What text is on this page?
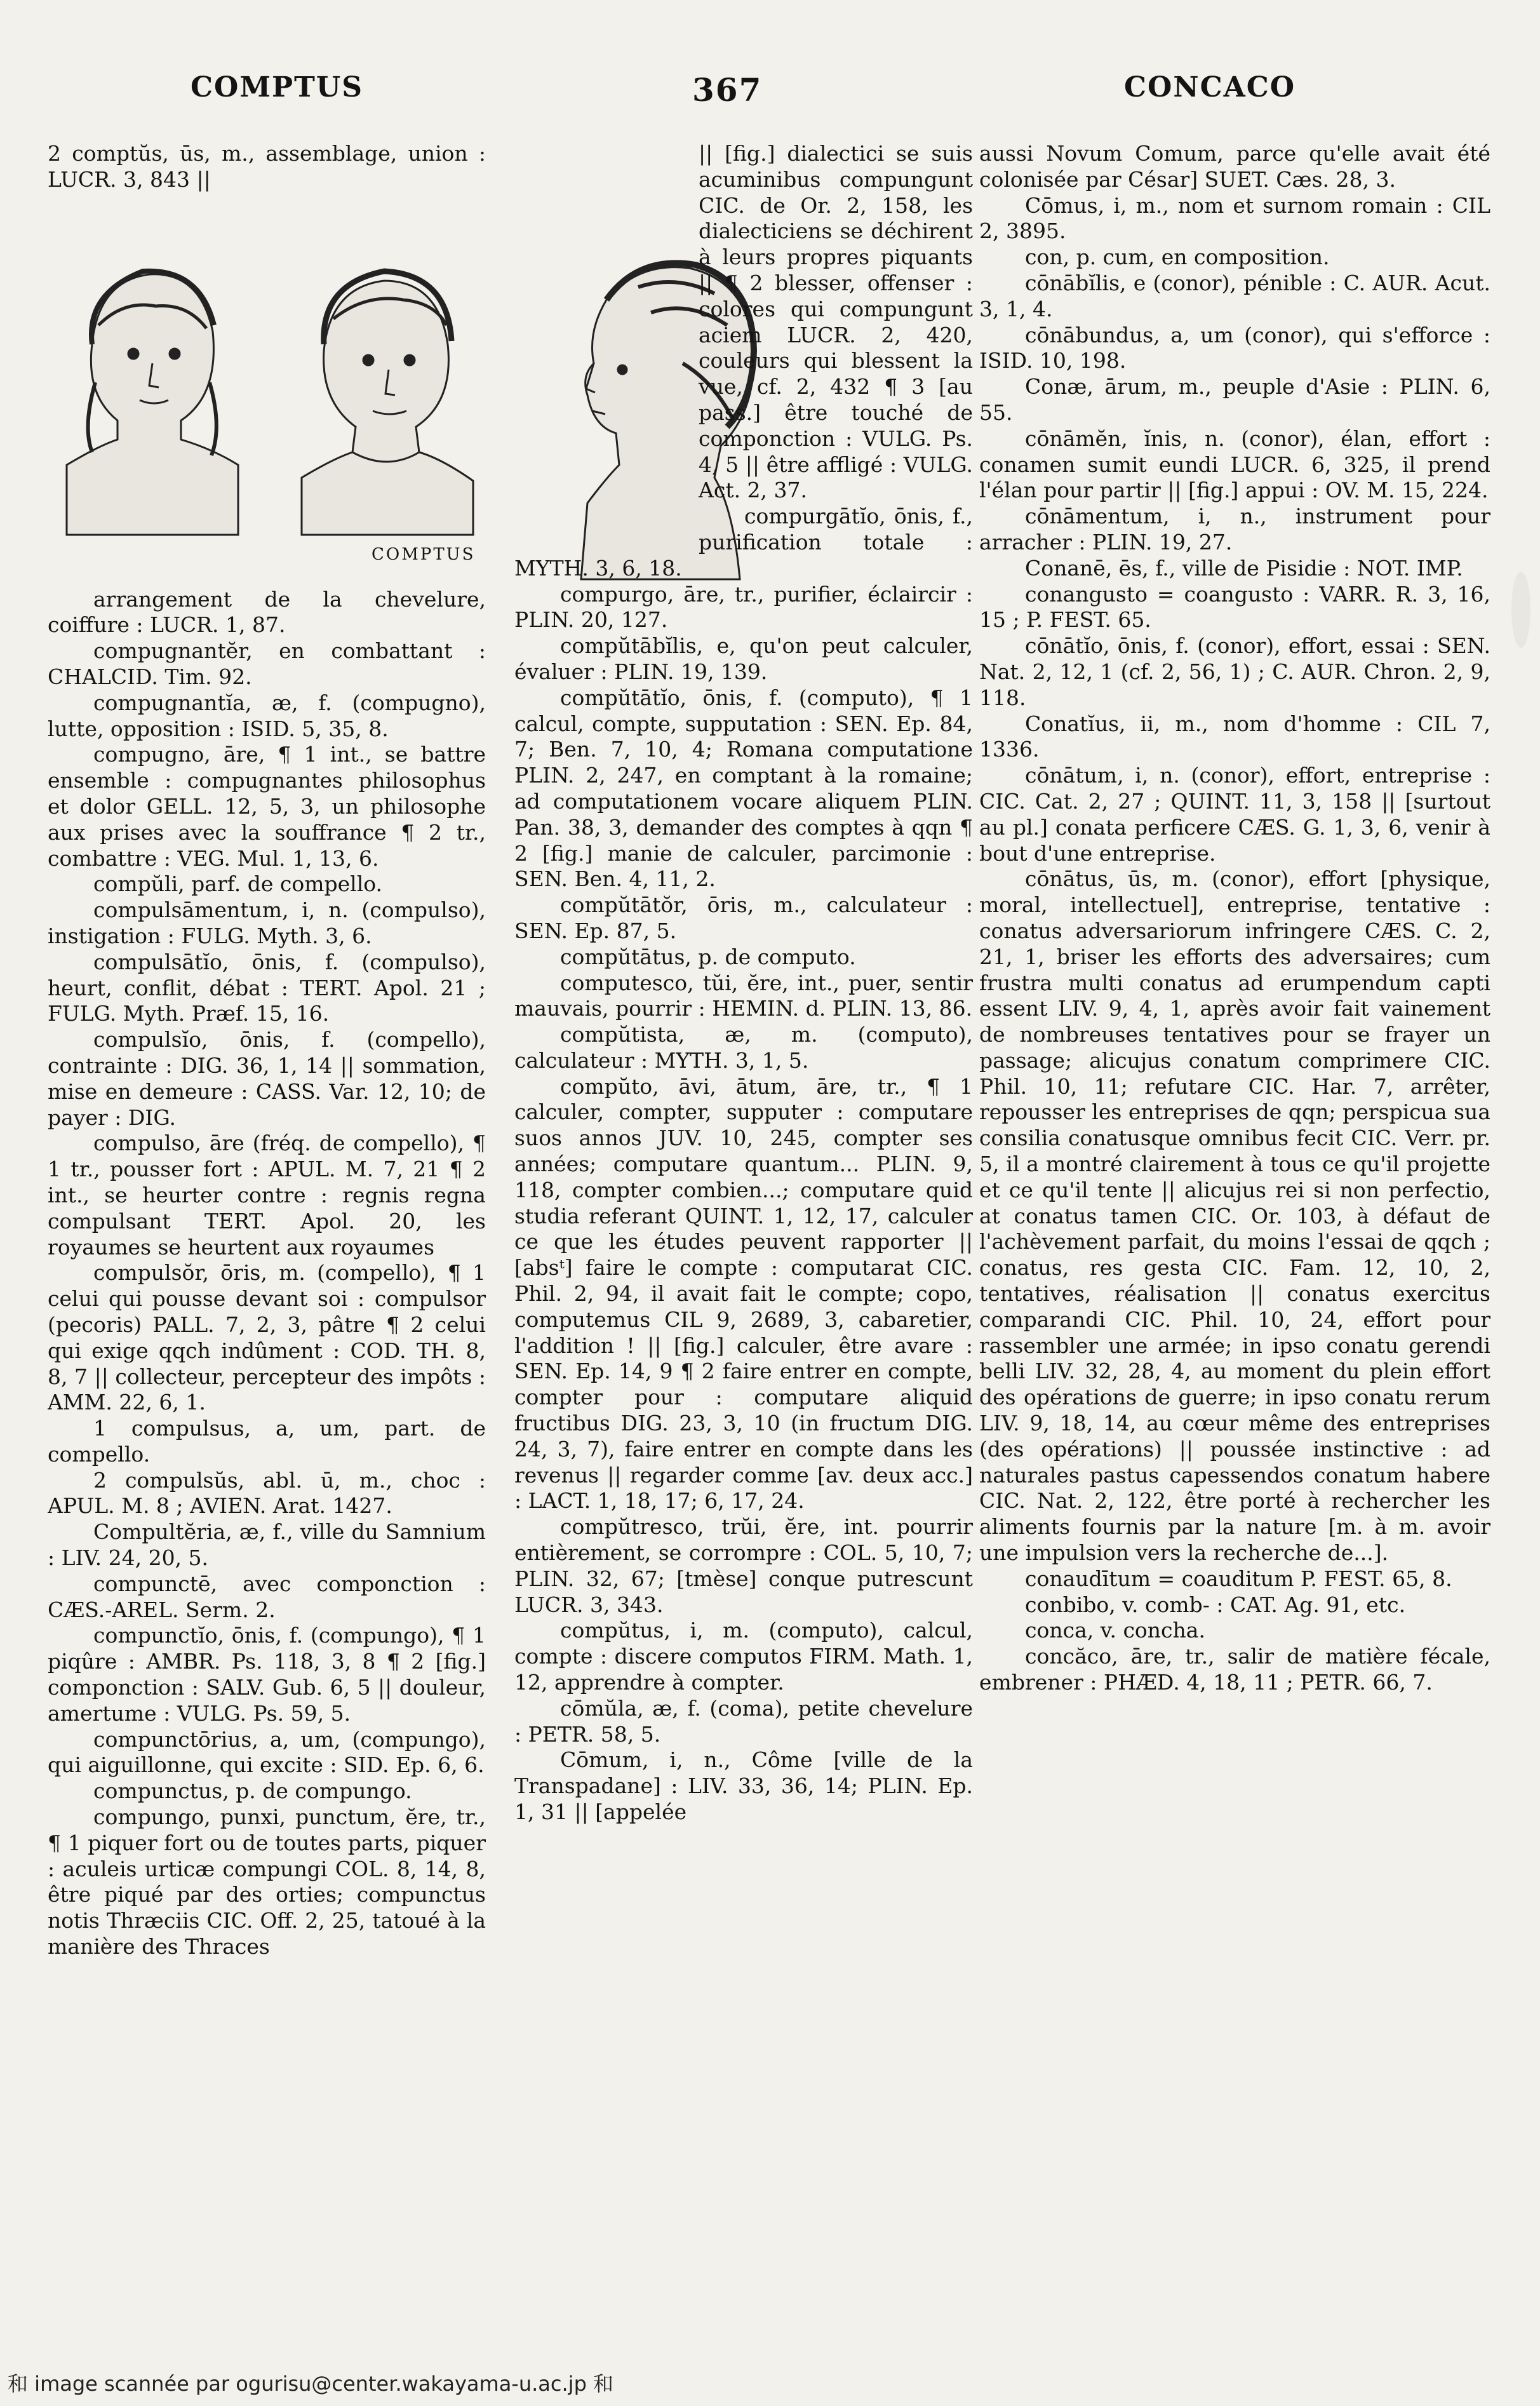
COMPTUS	367	CONCACO

2 comptŭs, ūs, m., assemblage, union : LUCR. 3, 843 ||

arrangement de la chevelure, coiffure : LUCR. 1, 87.

compugnantĕr, en combattant : CHALCID. Tim. 92.

compugnantĭa, æ, f. (compugno), lutte, opposition : ISID. 5, 35, 8.

compugno, āre, ¶ 1 int., se battre ensemble : compugnantes philosophus et dolor GELL. 12, 5, 3, un philosophe aux prises avec la souffrance ¶ 2 tr., combattre : VEG. Mul. 1, 13, 6.

compŭli, parf. de compello.

compulsāmentum, i, n. (compulso), instigation : FULG. Myth. 3, 6.

compulsātĭo, ōnis, f. (compulso), heurt, conflit, débat : TERT. Apol. 21 ; FULG. Myth. Præf. 15, 16.

compulsĭo, ōnis, f. (compello), contrainte : DIG. 36, 1, 14 || sommation, mise en demeure : CASS. Var. 12, 10; de payer : DIG.

compulso, āre (fréq. de compello), ¶ 1 tr., pousser fort : APUL. M. 7, 21 ¶ 2 int., se heurter contre : regnis regna compulsant TERT. Apol. 20, les royaumes se heurtent aux royaumes

compulsŏr, ōris, m. (compello), ¶ 1 celui qui pousse devant soi : compulsor (pecoris) PALL. 7, 2, 3, pâtre ¶ 2 celui qui exige qqch indûment : COD. TH. 8, 8, 7 || collecteur, percepteur des impôts : AMM. 22, 6, 1.

1 compulsus, a, um, part. de compello.

2 compulsŭs, abl. ū, m., choc : APUL. M. 8 ; AVIEN. Arat. 1427.

Compultĕria, æ, f., ville du Samnium : LIV. 24, 20, 5.

compunctē, avec componction : CÆS.-AREL. Serm. 2.

compunctĭo, ōnis, f. (compungo), ¶ 1 piqûre : AMBR. Ps. 118, 3, 8 ¶ 2 [fig.] componction : SALV. Gub. 6, 5 || douleur, amertume : VULG. Ps. 59, 5.

compunctōrius, a, um, (compungo), qui aiguillonne, qui excite : SID. Ep. 6, 6.

compunctus, p. de compungo.

compungo, punxi, punctum, ĕre, tr., ¶ 1 piquer fort ou de toutes parts, piquer : aculeis urticæ compungi COL. 8, 14, 8, être piqué par des orties; compunctus notis Thræciis CIC. Off. 2, 25, tatoué à la manière des Thraces

|| [fig.] dialectici se suis acuminibus compungunt CIC. de Or. 2, 158, les dialecticiens se déchirent à leurs propres piquants || ¶ 2 blesser, offenser : colores qui compungunt aciem LUCR. 2, 420, couleurs qui blessent la vue, cf. 2, 432 ¶ 3 [au pass.] être touché de componction : VULG. Ps. 4, 5 || être affligé : VULG. Act. 2, 37.

compurgātĭo, ōnis, f., purification totale : MYTH. 3, 6, 18.

compurgo, āre, tr., purifier, éclaircir : PLIN. 20, 127.

compŭtābĭlis, e, qu'on peut calculer, évaluer : PLIN. 19, 139.

compŭtātĭo, ōnis, f. (computo), ¶ 1 calcul, compte, supputation : SEN. Ep. 84, 7; Ben. 7, 10, 4; Romana computatione PLIN. 2, 247, en comptant à la romaine; ad computationem vocare aliquem PLIN. Pan. 38, 3, demander des comptes à qqn ¶ 2 [fig.] manie de calculer, parcimonie : SEN. Ben. 4, 11, 2.

compŭtātŏr, ōris, m., calculateur : SEN. Ep. 87, 5.

compŭtātus, p. de computo.

computesco, tŭi, ĕre, int., puer, sentir mauvais, pourrir : HEMIN. d. PLIN. 13, 86.

compŭtista, æ, m. (computo), calculateur : MYTH. 3, 1, 5.

compŭto, āvi, ātum, āre, tr., ¶ 1 calculer, compter, supputer : computare suos annos JUV. 10, 245, compter ses années; computare quantum... PLIN. 9, 118, compter combien...; computare quid studia referant QUINT. 1, 12, 17, calculer ce que les études peuvent rapporter || [absᵗ] faire le compte : computarat CIC. Phil. 2, 94, il avait fait le compte; copo, computemus CIL 9, 2689, 3, cabaretier, l'addition ! || [fig.] calculer, être avare : SEN. Ep. 14, 9 ¶ 2 faire entrer en compte, compter pour : computare aliquid fructibus DIG. 23, 3, 10 (in fructum DIG. 24, 3, 7), faire entrer en compte dans les revenus || regarder comme [av. deux acc.] : LACT. 1, 18, 17; 6, 17, 24.

compŭtresco, trŭi, ĕre, int. pourrir entièrement, se corrompre : COL. 5, 10, 7; PLIN. 32, 67; [tmèse] conque putrescunt LUCR. 3, 343.

compŭtus, i, m. (computo), calcul, compte : discere computos FIRM. Math. 1, 12, apprendre à compter.

cōmŭla, æ, f. (coma), petite chevelure : PETR. 58, 5.

Cōmum, i, n., Côme [ville de la Transpadane] : LIV. 33, 36, 14; PLIN. Ep. 1, 31 || [appelée

aussi Novum Comum, parce qu'elle avait été colonisée par César] SUET. Cæs. 28, 3.

Cōmus, i, m., nom et surnom romain : CIL 2, 3895.

con, p. cum, en composition.

cōnābĭlis, e (conor), pénible : C. AUR. Acut. 3, 1, 4.

cōnābundus, a, um (conor), qui s'efforce : ISID. 10, 198.

Conæ, ārum, m., peuple d'Asie : PLIN. 6, 55.

cōnāmĕn, ĭnis, n. (conor), élan, effort : conamen sumit eundi LUCR. 6, 325, il prend l'élan pour partir || [fig.] appui : OV. M. 15, 224.

cōnāmentum, i, n., instrument pour arracher : PLIN. 19, 27.

Conanē, ēs, f., ville de Pisidie : NOT. IMP.

conangusto = coangusto : VARR. R. 3, 16, 15 ; P. FEST. 65.

cōnātĭo, ōnis, f. (conor), effort, essai : SEN. Nat. 2, 12, 1 (cf. 2, 56, 1) ; C. AUR. Chron. 2, 9, 118.

Conatĭus, ii, m., nom d'homme : CIL 7, 1336.

cōnātum, i, n. (conor), effort, entreprise : CIC. Cat. 2, 27 ; QUINT. 11, 3, 158 || [surtout au pl.] conata perficere CÆS. G. 1, 3, 6, venir à bout d'une entreprise.

cōnātus, ūs, m. (conor), effort [physique, moral, intellectuel], entreprise, tentative : conatus adversariorum infringere CÆS. C. 2, 21, 1, briser les efforts des adversaires; cum frustra multi conatus ad erumpendum capti essent LIV. 9, 4, 1, après avoir fait vainement de nombreuses tentatives pour se frayer un passage; alicujus conatum comprimere CIC. Phil. 10, 11; refutare CIC. Har. 7, arrêter, repousser les entreprises de qqn; perspicua sua consilia conatusque omnibus fecit CIC. Verr. pr. 5, il a montré clairement à tous ce qu'il projette et ce qu'il tente || alicujus rei si non perfectio, at conatus tamen CIC. Or. 103, à défaut de l'achèvement parfait, du moins l'essai de qqch ; conatus, res gesta CIC. Fam. 12, 10, 2, tentatives, réalisation || conatus exercitus comparandi CIC. Phil. 10, 24, effort pour rassembler une armée; in ipso conatu gerendi belli LIV. 32, 28, 4, au moment du plein effort des opérations de guerre; in ipso conatu rerum LIV. 9, 18, 14, au cœur même des entreprises (des opérations) || poussée instinctive : ad naturales pastus capessendos conatum habere CIC. Nat. 2, 122, être porté à rechercher les aliments fournis par la nature [m. à m. avoir une impulsion vers la recherche de...].

conaudītum = coauditum P. FEST. 65, 8.

conbibo, v. comb- : CAT. Ag. 91, etc.

conca, v. concha.

concăco, āre, tr., salir de matière fécale, embrener : PHÆD. 4, 18, 11 ; PETR. 66, 7.

COMPTUS
和 image scannée par ogurisu@center.wakayama-u.ac.jp 和
